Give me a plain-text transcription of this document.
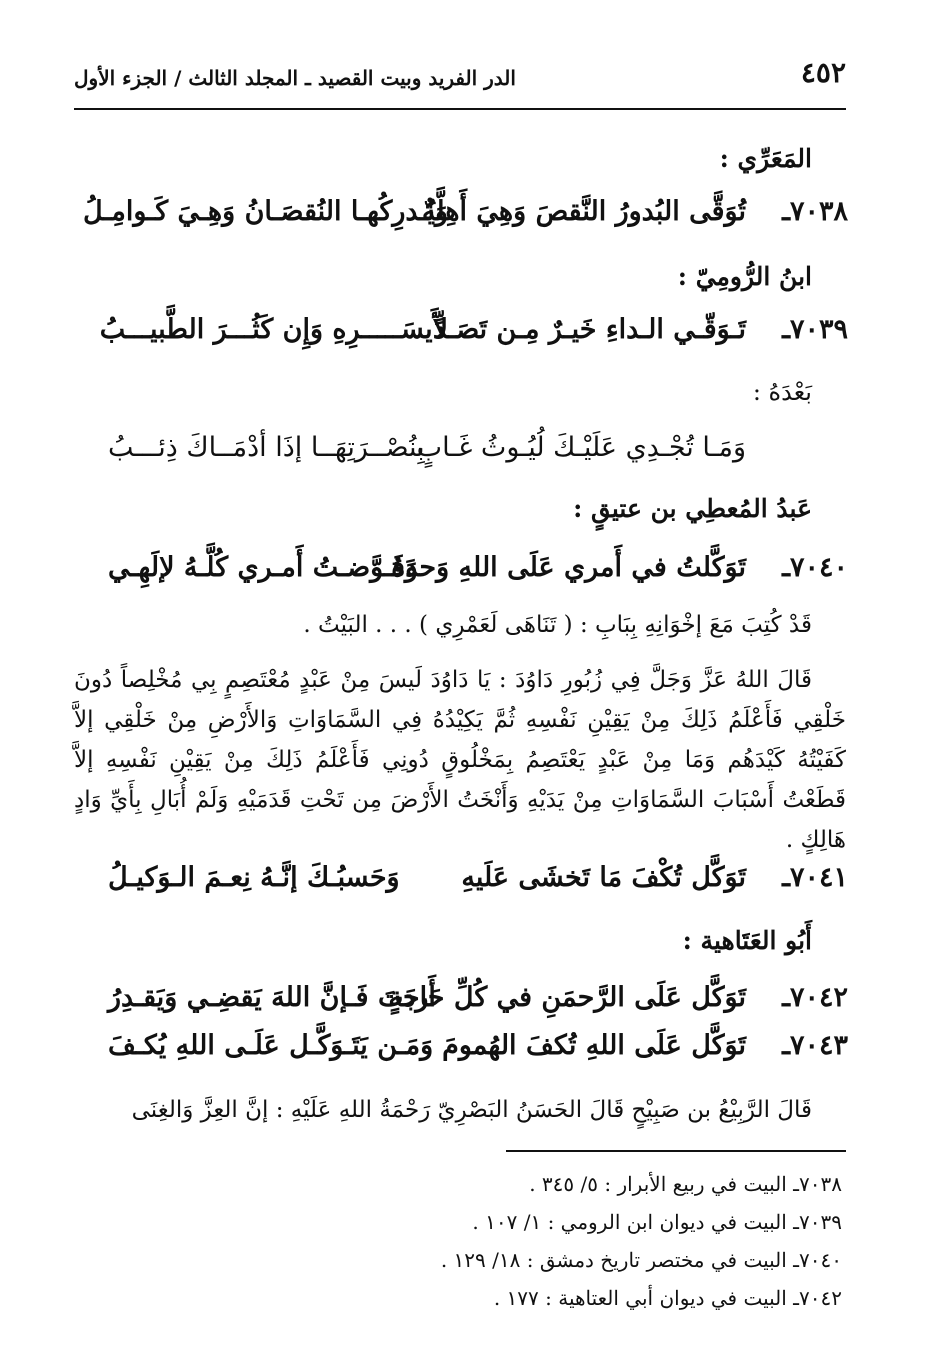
٤٥٢
الدر الفريد وبيت القصيد ـ المجلد الثالث / الجزء الأول
المَعَرِّي :
٧٠٣٨ـ
تُوَقَّى البُدورُ النَّقصَ وَهِيَ أَهِلَّةٌ
وَيُـدرِكُهـا النُقصَـانُ وَهِـيَ كَـوامِـلُ
ابنُ الرُّومِيّ :
٧٠٣٩ـ
تَـوَقّـي الـداءِ خَيـرٌ مِـن تَصَـدٍّ
لأَيسَـــــرِهِ وَإِن كَثُـــرَ الطَّبيـــبُ
بَعْدَهُ :
وَمَـا تُجْـدِي عَلَيْـكَ لُيُـوثُ غَـابٍ
بِنُصْــرَتِهَــا إذَا أدْمَــاكَ ذِئـــبُ
عَبدُ المُعطِي بن عتيقٍ :
٧٠٤٠ـ
تَوَكَّلتُ في أَمري عَلَى اللهِ وَحدَهُ
وَفَـوَّضـتُ أَمـري كُلَّـهُ لإلَهِـي
قَدْ كُتِبَ مَعَ إخْوَانِهِ بِبَابِ : ( تَنَاهَى لَعَمْرِي ) . . . البَيْتُ .
قَالَ اللهُ عَزَّ وَجَلَّ فِي زُبُورِ دَاوُدَ : يَا دَاوُدَ لَيسَ مِنْ عَبْدٍ مُعْتَصِمٍ بِي مُخْلِصاً دُونَ خَلْقِي فَأَعْلَمُ ذَلِكَ مِنْ يَقِيْنِ نَفْسِهِ ثُمَّ يَكِيْدُهُ فِي السَّمَاوَاتِ وَالأَرْضِ مِنْ خَلْقِي إلاَّ كَفَيْتُهُ كَيْدَهُم وَمَا مِنْ عَبْدٍ يَعْتَصِمُ بِمَخْلُوقٍ دُونِي فَأَعْلَمُ ذَلِكَ مِنْ يَقِيْنِ نَفْسِهِ إلاَّ قَطَعْتُ أَسْبَابَ السَّمَاوَاتِ مِنْ يَدَيْهِ وَأَنْخَتُ الأَرْضَ مِن تَحْتِ قَدَمَيْهِ وَلَمْ أُبَالِ بِأَيِّ وَادٍ هَالِكٍ .
٧٠٤١ـ
تَوَكَّل تُكْفَ مَا تَخشَى عَلَيهِ
وَحَسبُـكَ إنَّـهُ نِعـمَ الـوَكيـلُ
أَبُو العَتَاهية :
٧٠٤٢ـ
تَوَكَّل عَلَى الرَّحمَنِ في كُلِّ حَاجَةٍ
أَردتَ فَـإنَّ اللهَ يَقضِـي وَيَقـدِرُ
٧٠٤٣ـ
تَوَكَّل عَلَى اللهِ تُكفَ الهُمومَ
وَمَـن يَتَـوَكَّـل عَلَـى اللهِ يُكـفَ
قَالَ الرَّبِيْعُ بن صَبِيْحٍ قَالَ الحَسَنُ البَصْرِيّ رَحْمَةُ اللهِ عَلَيْهِ : إنَّ العِزَّ وَالغِنَى
٧٠٣٨ـ البيت في ربيع الأبرار : ٥/ ٣٤٥ .
٧٠٣٩ـ البيت في ديوان ابن الرومي : ١/ ١٠٧ .
٧٠٤٠ـ البيت في مختصر تاريخ دمشق : ١٨/ ١٢٩ .
٧٠٤٢ـ البيت في ديوان أبي العتاهية : ١٧٧ .
